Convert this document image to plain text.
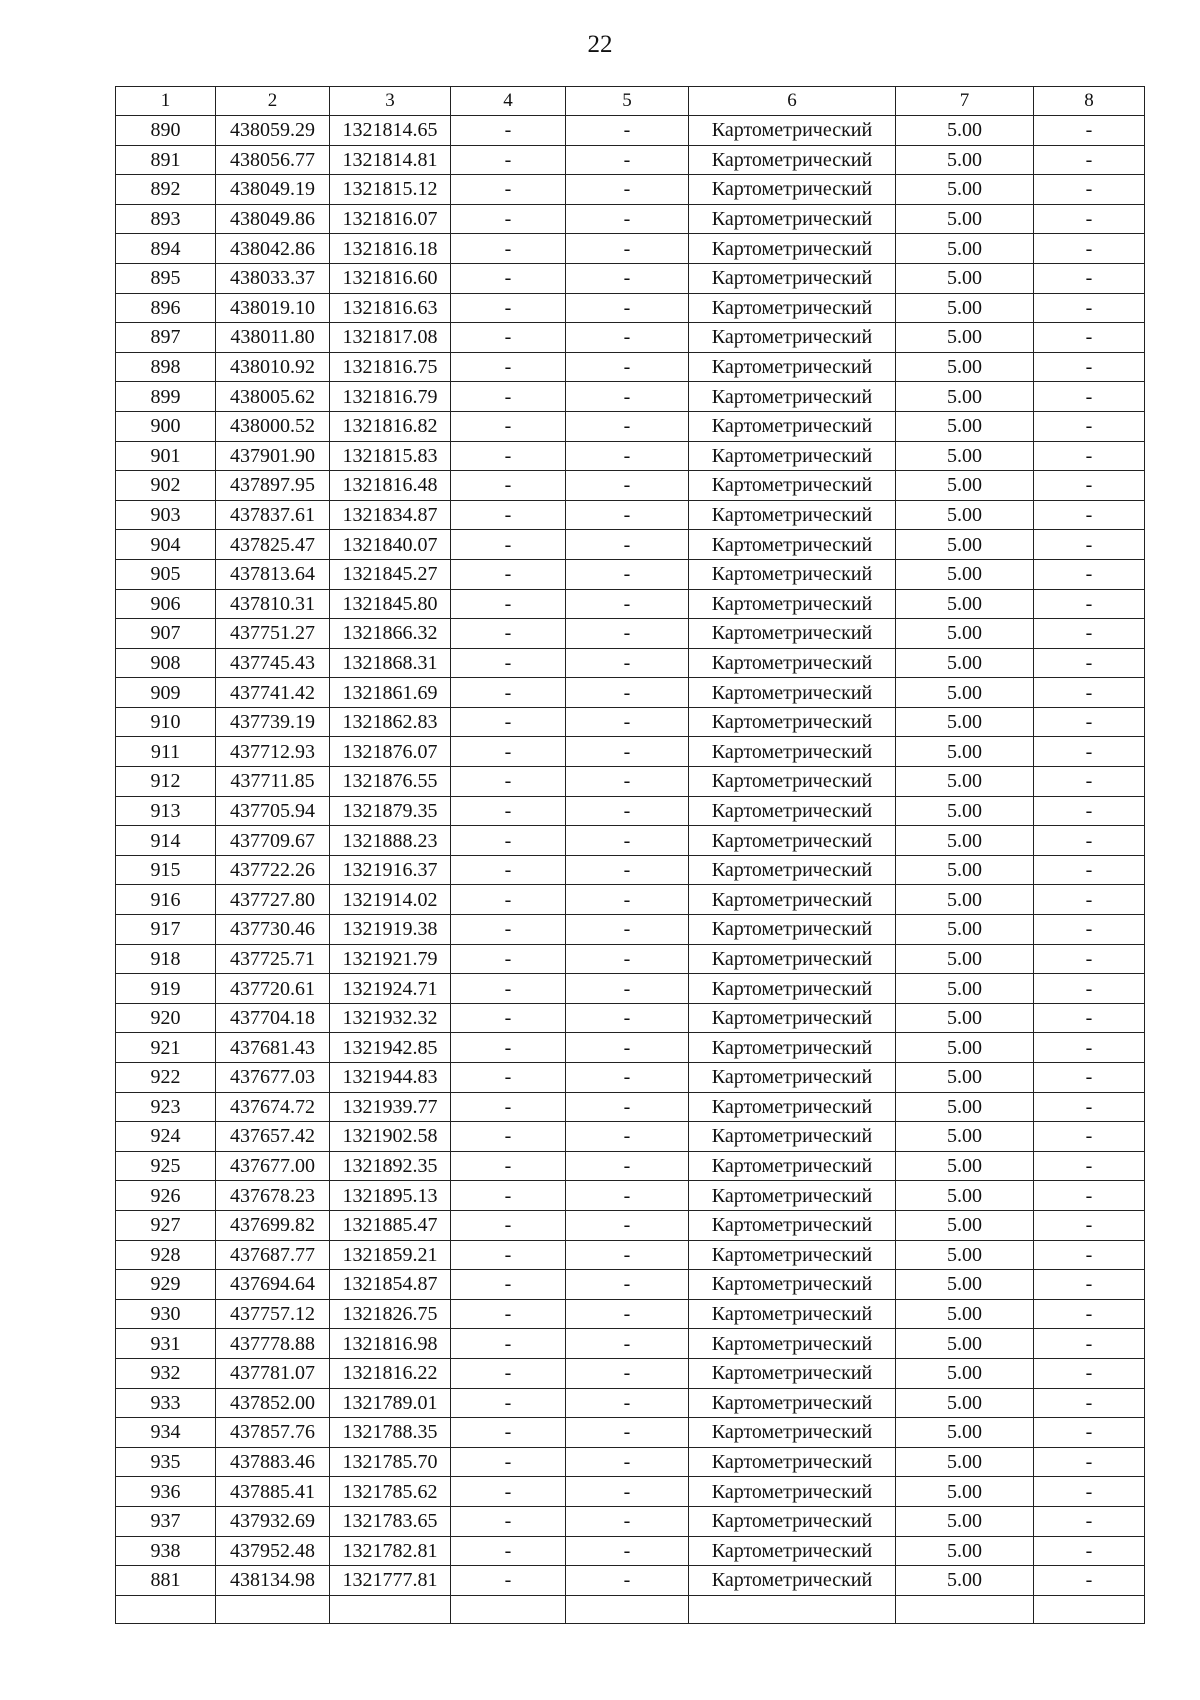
22
1	2	3	4	5	6	7	8
890	438059.29	1321814.65	-	-	Картометрический	5.00	-
891	438056.77	1321814.81	-	-	Картометрический	5.00	-
892	438049.19	1321815.12	-	-	Картометрический	5.00	-
893	438049.86	1321816.07	-	-	Картометрический	5.00	-
894	438042.86	1321816.18	-	-	Картометрический	5.00	-
895	438033.37	1321816.60	-	-	Картометрический	5.00	-
896	438019.10	1321816.63	-	-	Картометрический	5.00	-
897	438011.80	1321817.08	-	-	Картометрический	5.00	-
898	438010.92	1321816.75	-	-	Картометрический	5.00	-
899	438005.62	1321816.79	-	-	Картометрический	5.00	-
900	438000.52	1321816.82	-	-	Картометрический	5.00	-
901	437901.90	1321815.83	-	-	Картометрический	5.00	-
902	437897.95	1321816.48	-	-	Картометрический	5.00	-
903	437837.61	1321834.87	-	-	Картометрический	5.00	-
904	437825.47	1321840.07	-	-	Картометрический	5.00	-
905	437813.64	1321845.27	-	-	Картометрический	5.00	-
906	437810.31	1321845.80	-	-	Картометрический	5.00	-
907	437751.27	1321866.32	-	-	Картометрический	5.00	-
908	437745.43	1321868.31	-	-	Картометрический	5.00	-
909	437741.42	1321861.69	-	-	Картометрический	5.00	-
910	437739.19	1321862.83	-	-	Картометрический	5.00	-
911	437712.93	1321876.07	-	-	Картометрический	5.00	-
912	437711.85	1321876.55	-	-	Картометрический	5.00	-
913	437705.94	1321879.35	-	-	Картометрический	5.00	-
914	437709.67	1321888.23	-	-	Картометрический	5.00	-
915	437722.26	1321916.37	-	-	Картометрический	5.00	-
916	437727.80	1321914.02	-	-	Картометрический	5.00	-
917	437730.46	1321919.38	-	-	Картометрический	5.00	-
918	437725.71	1321921.79	-	-	Картометрический	5.00	-
919	437720.61	1321924.71	-	-	Картометрический	5.00	-
920	437704.18	1321932.32	-	-	Картометрический	5.00	-
921	437681.43	1321942.85	-	-	Картометрический	5.00	-
922	437677.03	1321944.83	-	-	Картометрический	5.00	-
923	437674.72	1321939.77	-	-	Картометрический	5.00	-
924	437657.42	1321902.58	-	-	Картометрический	5.00	-
925	437677.00	1321892.35	-	-	Картометрический	5.00	-
926	437678.23	1321895.13	-	-	Картометрический	5.00	-
927	437699.82	1321885.47	-	-	Картометрический	5.00	-
928	437687.77	1321859.21	-	-	Картометрический	5.00	-
929	437694.64	1321854.87	-	-	Картометрический	5.00	-
930	437757.12	1321826.75	-	-	Картометрический	5.00	-
931	437778.88	1321816.98	-	-	Картометрический	5.00	-
932	437781.07	1321816.22	-	-	Картометрический	5.00	-
933	437852.00	1321789.01	-	-	Картометрический	5.00	-
934	437857.76	1321788.35	-	-	Картометрический	5.00	-
935	437883.46	1321785.70	-	-	Картометрический	5.00	-
936	437885.41	1321785.62	-	-	Картометрический	5.00	-
937	437932.69	1321783.65	-	-	Картометрический	5.00	-
938	437952.48	1321782.81	-	-	Картометрический	5.00	-
881	438134.98	1321777.81	-	-	Картометрический	5.00	-
